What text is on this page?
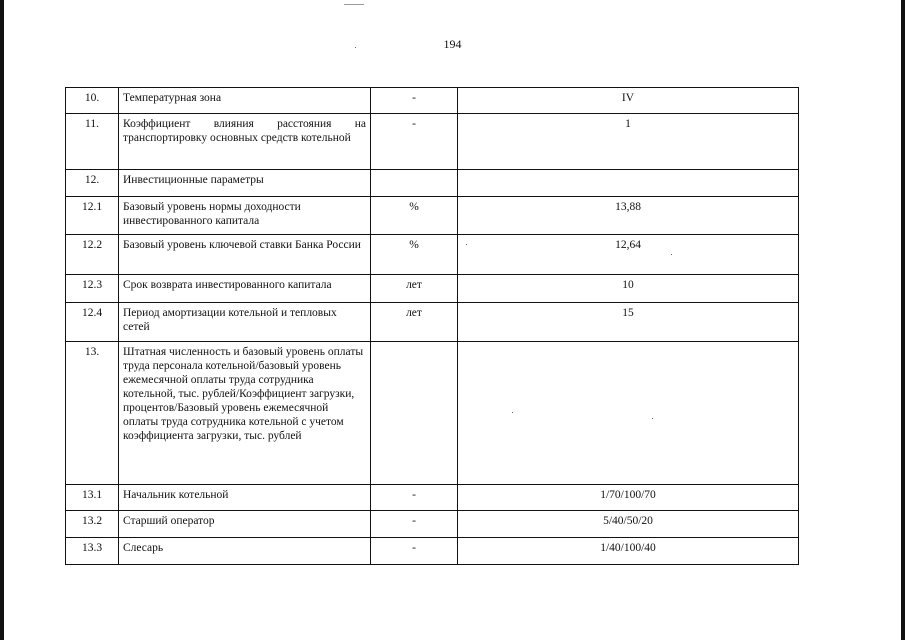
194
10.	Температурная зона	-	IV
11.	Коэффициент влияния расстояния на транспортировку основных средств котельной	-	1
12.	Инвестиционные параметры		
12.1	Базовый уровень нормы доходности инвестированного капитала	%	13,88
12.2	Базовый уровень ключевой ставки Банка России	%	12,64
12.3	Срок возврата инвестированного капитала	лет	10
12.4	Период амортизации котельной и тепловых сетей	лет	15
13.	Штатная численность и базовый уровень оплаты труда персонала котельной/базовый уровень ежемесячной оплаты труда сотрудника котельной, тыс. рублей/Коэффициент загрузки, процентов/Базовый уровень ежемесячной оплаты труда сотрудника котельной с учетом коэффициента загрузки, тыс. рублей		
13.1	Начальник котельной	-	1/70/100/70
13.2	Старший оператор	-	5/40/50/20
13.3	Слесарь	-	1/40/100/40
